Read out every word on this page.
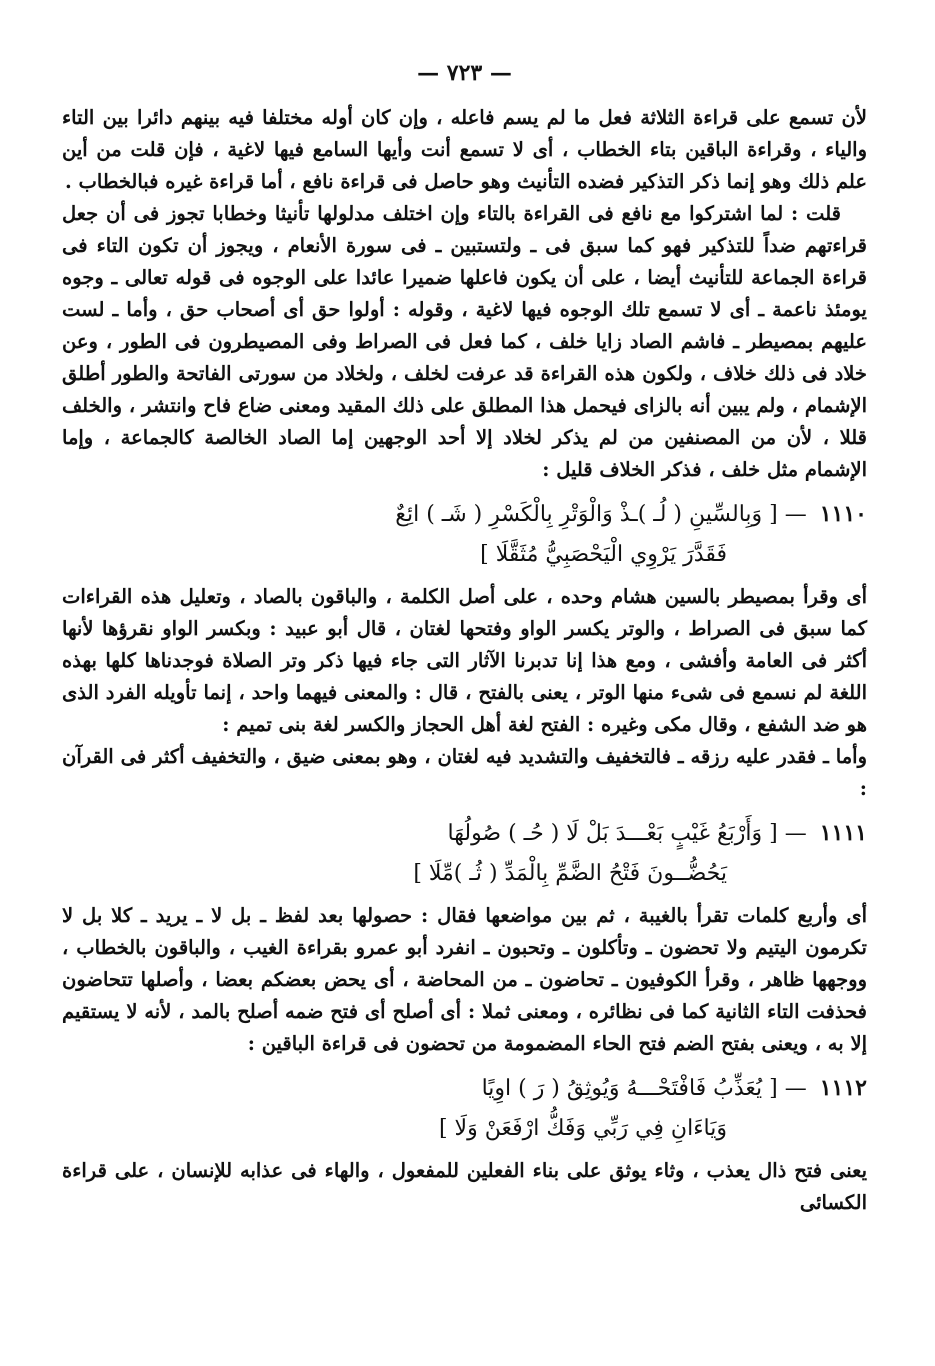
— ٧٢٣ —

لأن تسمع على قراءة الثلاثة فعل ما لم يسم فاعله ، وإن كان أوله مختلفا فيه بينهم دائرا بين التاء والياء ، وقراءة الباقين بتاء الخطاب ، أى لا تسمع أنت وأيها السامع فيها لاغية ، فإن قلت من أين علم ذلك وهو إنما ذكر التذكير فضده التأنيث وهو حاصل فى قراءة نافع ، أما قراءة غيره فبالخطاب .

قلت : لما اشتركوا مع نافع فى القراءة بالتاء وإن اختلف مدلولها تأنيثا وخطابا تجوز فى أن جعل قراءتهم ضداً للتذكير فهو كما سبق فى ـ ولتستبين ـ فى سورة الأنعام ، ويجوز أن تكون التاء فى قراءة الجماعة للتأنيث أيضا ، على أن يكون فاعلها ضميرا عائدا على الوجوه فى قوله تعالى ـ وجوه يومئذ ناعمة ـ أى لا تسمع تلك الوجوه فيها لاغية ، وقوله : أولوا حق أى أصحاب حق ، وأما ـ لست عليهم بمصيطر ـ فاشم الصاد زايا خلف ، كما فعل فى الصراط وفى المصيطرون فى الطور ، وعن خلاد فى ذلك خلاف ، ولكون هذه القراءة قد عرفت لخلف ، ولخلاد من سورتى الفاتحة والطور أطلق الإشمام ، ولم يبين أنه بالزاى فيحمل هذا المطلق على ذلك المقيد ومعنى ضاع فاح وانتشر ، والخلف قللا ، لأن من المصنفين من لم يذكر لخلاد إلا أحد الوجهين إما الصاد الخالصة كالجماعة ، وإما الإشمام مثل خلف ، فذكر الخلاف قليل :

١١١٠ — [ وَبِالسِّينِ ( لُـ )ـذْ وَالْوَتْرِ بِالْكَسْرِ ( شَـ ) ائِعٌ
فَقَدَّرَ يَرْوِي الْيَحْصَبِيُّ مُثَقَّلَا ]

أى وقرأ بمصيطر بالسين هشام وحده ، على أصل الكلمة ، والباقون بالصاد ، وتعليل هذه القراءات كما سبق فى الصراط ، والوتر يكسر الواو وفتحها لغتان ، قال أبو عبيد : وبكسر الواو نقرؤها لأنها أكثر فى العامة وأفشى ، ومع هذا إنا تدبرنا الآثار التى جاء فيها ذكر وتر الصلاة فوجدناها كلها بهذه اللغة لم نسمع فى شىء منها الوتر ، يعنى بالفتح ، قال : والمعنى فيهما واحد ، إنما تأويله الفرد الذى هو ضد الشفع ، وقال مكى وغيره : الفتح لغة أهل الحجاز والكسر لغة بنى تميم :

وأما ـ فقدر عليه رزقه ـ فالتخفيف والتشديد فيه لغتان ، وهو بمعنى ضيق ، والتخفيف أكثر فى القرآن :

١١١١ — [ وَأَرْبَعُ غَيْبٍ بَعْـــدَ بَلْ لَا ( حُـ ) صُولُهَا
يَحُضُّــونَ فَتْحُ الضَّمِّ بِالْمَدِّ ( ثُـ )مِّلَا ]

أى وأربع كلمات تقرأ بالغيبة ، ثم بين مواضعها فقال : حصولها بعد لفظ ـ بل لا ـ يريد ـ كلا بل لا تكرمون اليتيم ولا تحضون ـ وتأكلون ـ وتحبون ـ انفرد أبو عمرو بقراءة الغيب ، والباقون بالخطاب ، ووجهها ظاهر ، وقرأ الكوفيون ـ تحاضون ـ من المحاضة ، أى يحض بعضكم بعضا ، وأصلها تتحاضون فحذفت التاء الثانية كما فى نظائره ، ومعنى ثملا : أى أصلح أى فتح ضمه أصلح بالمد ، لأنه لا يستقيم إلا به ، ويعنى بفتح الضم فتح الحاء المضمومة من تحضون فى قراءة الباقين :

١١١٢ — [ يُعَذِّبُ فَافْتَحْـــهُ وَيُوثِقُ ( رَ ) اوِيًا
وَيَاءَانِ فِي رَبِّي وَفَكُّ ارْفَعَنْ وَلَا ]

يعنى فتح ذال يعذب ، وثاء يوثق على بناء الفعلين للمفعول ، والهاء فى عذابه للإنسان ، على قراءة الكسائى
